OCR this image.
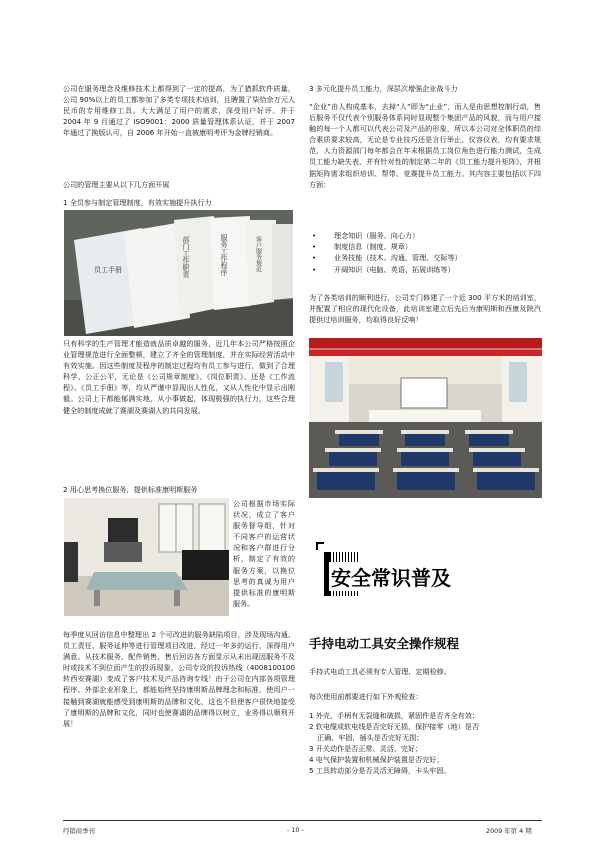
公司在服务理念及维修技术上都得到了一定的提高，为了猎抓软件质量，公司 90%以上的员工都参加了多类专项技术培训，且聘置了柒恰余万元人民币的专用维修工具。大大满足了用户的需求，深受用户好评。并于 2004 年 9 月通过了 ISO9001：2000 质量管理体系认证，并于 2007 年通过了换版认可，自 2006 年开始一直被康明考评为金牌经销商。

公司的管理主要从以下几方面开展

1 全员参与制定管理制度，有效实施提升执行力

员工手册	部门工作职责	服务工作程序	客户服务规范

只有科学的生产管理才能造就品质卓越的服务，近几年本公司严格按照企业管理规范进行全面整顿，建立了齐全的管理制度，并在实际经营活动中有效实施。因这些制度及程序的制定过程均有员工参与进行，做到了合理科学、公正公平，无论是《公司规章制度》、《岗位职责》、还是《工作流程》、《员工手册》等，均从严谨中显现出人性化，又从人性化中显示出刚毅。公司上下都能郁满实地，从小事做起，体现极强的执行力，这些合理健全的制度成就了赛湖及赛湖人的共同发展。

2 用心思考换位服务，提供标准康明斯服务

公司根据市场实际状况，成立了客户服务督导组，针对不同客户的运营状况和客户群进行分析，制定了有效的服务方案，以换位思考的真诚为用户提供标准的康明斯服务。

每季度从回访信息中整理出 2 个可改进的服务缺陷项目，涉及现场沟通、员工责任、服务延伸等进行管理项目改进，经过一年多的运行，深得用户满意。从技术服务、配件销售、售后回访各方面显示从末出现因服务不及时或技术不到位而产生的投诉现象，公司专设的投诉热线（4008100100 转西安赛湖）变成了客户技术及产品咨询专线！由于公司在内部各项管理程序、外部企业形象上，都能始终坚持康明斯品牌理念和标准，使用户一接触到赛湖就能感受到康明斯的品牌和文化，这也不但使客户很快地接受了康明斯的品牌和文化，同时也使赛湖的品牌得以树立，业务得以顺利开展！

3 多元化提升员工能力，深层次增强企业战斗力

“企业”由人构成基本，去掉“人”即为“止业”，而人是由思想控制行动，售后服务不仅代表个别服务体系同时显现整个集团产品的风貌，而与用户接触的每一个人都可以代表公司及产品的形象，所以本公司对全体职员的综合素质要求较高，无论是专业技巧还是言行举止、仪容仪表，均有要求规范，人力资源部门每年都会在年末根据员工岗位角色进行能力测试，生成员工能力缺失表，并有针对性的制定第二年的《员工能力提升矩阵》，并根据矩阵需求组织培训、帮带、竞赛提升员工能力。其内容主要包括以下四方面：

•	理念知识（服务、向心力）
•	制度信息（制度、规章）
•	业务技能（技术、沟通、管理、交际等）
•	开阔知识（电脑、英语、拓展训练等）

为了各类培训的顺利进行，公司专门修建了一个近 300 平方米的培训室，并配置了相应的现代化设备，此培训室建立后先后为康明斯和西康及陕汽提供过培训服务，均取得良好反响！

安全常识普及
手持电动工具安全操作规程

手持式电动工具必须有专人管理、定期检修。

每次使用前都要进行如下外观检查：

1 外壳、手柄有无裂缝和破损，紧固件是否齐全有效；
2 软电缆或软电线是否完好无损，保护接零（地）是否
正确、牢固，插头是否完好无损；
3 开关动作是否正常、灵活、完好；
4 电气保护装置和机械保护装置是否完好；
5 工具转动部分是否灵活无障碍，卡头牢固。
经销商季刊	- 10 -	2009 年第 4 期
